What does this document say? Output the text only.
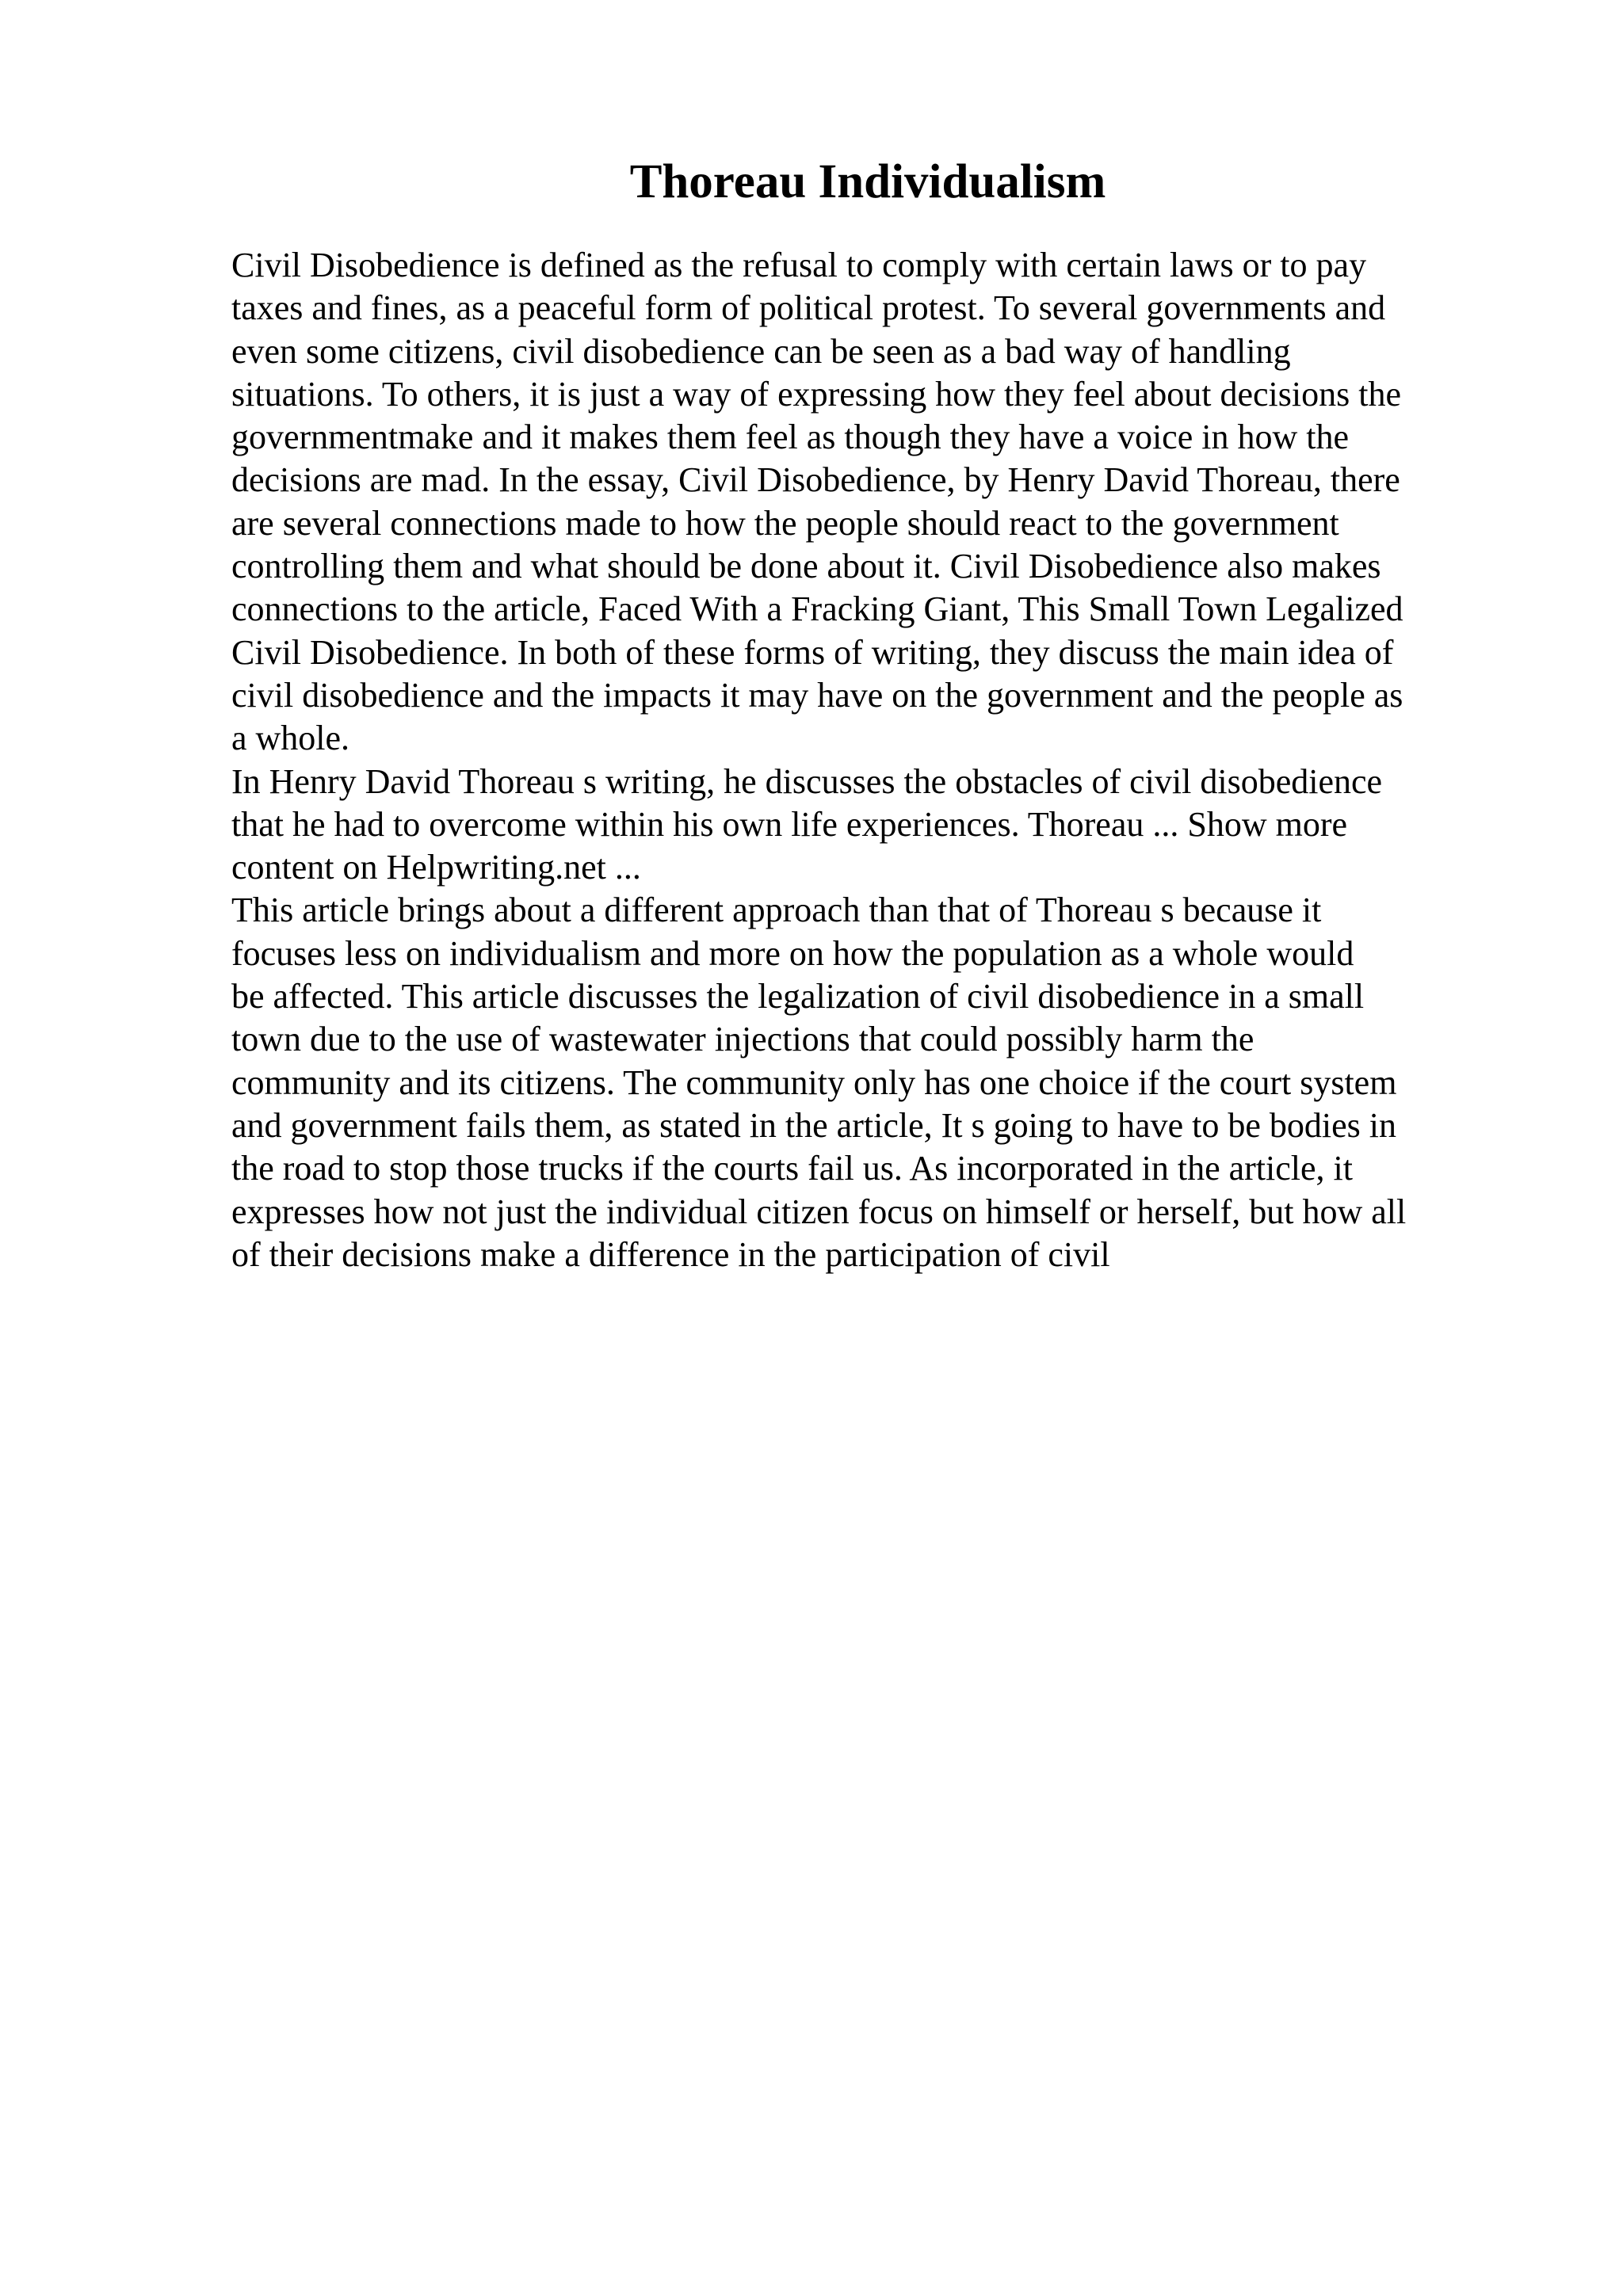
Thoreau Individualism
Civil Disobedience is defined as the refusal to comply with certain laws or to pay
taxes and fines, as a peaceful form of political protest. To several governments and
even some citizens, civil disobedience can be seen as a bad way of handling
situations. To others, it is just a way of expressing how they feel about decisions the
governmentmake and it makes them feel as though they have a voice in how the
decisions are mad. In the essay, Civil Disobedience, by Henry David Thoreau, there
are several connections made to how the people should react to the government
controlling them and what should be done about it. Civil Disobedience also makes
connections to the article, Faced With a Fracking Giant, This Small Town Legalized
Civil Disobedience. In both of these forms of writing, they discuss the main idea of
civil disobedience and the impacts it may have on the government and the people as
a whole.
In Henry David Thoreau s writing, he discusses the obstacles of civil disobedience
that he had to overcome within his own life experiences. Thoreau ... Show more
content on Helpwriting.net ...
This article brings about a different approach than that of Thoreau s because it
focuses less on individualism and more on how the population as a whole would
be affected. This article discusses the legalization of civil disobedience in a small
town due to the use of wastewater injections that could possibly harm the
community and its citizens. The community only has one choice if the court system
and government fails them, as stated in the article, It s going to have to be bodies in
the road to stop those trucks if the courts fail us. As incorporated in the article, it
expresses how not just the individual citizen focus on himself or herself, but how all
of their decisions make a difference in the participation of civil
